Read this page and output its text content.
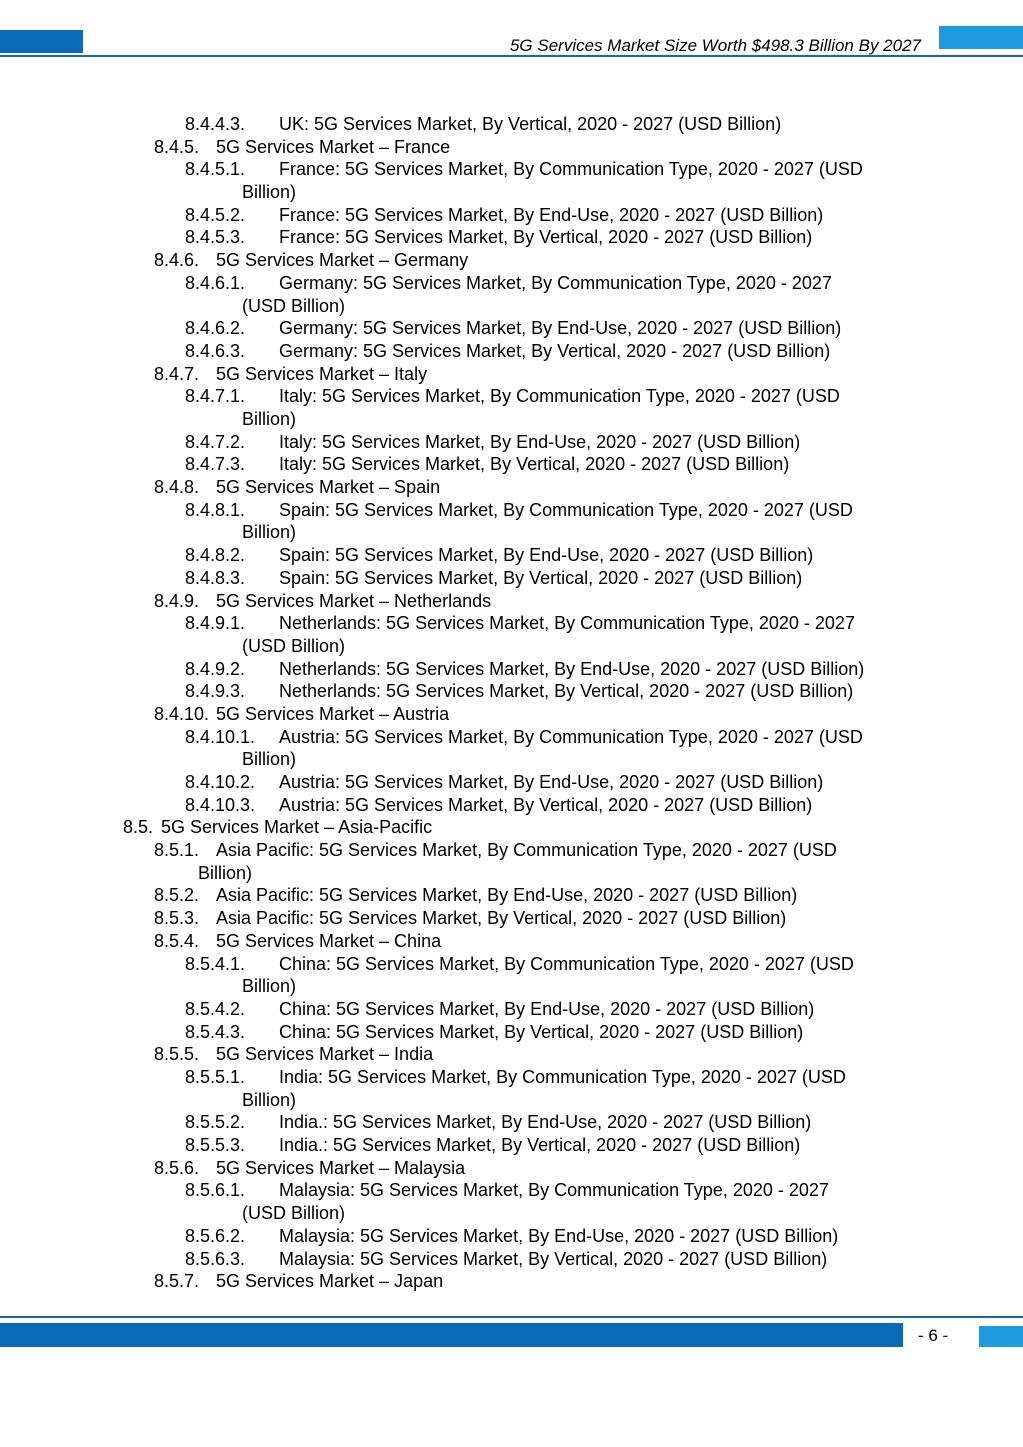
5G Services Market Size Worth $498.3 Billion By 2027
8.4.4.3. UK: 5G Services Market, By Vertical, 2020 - 2027 (USD Billion)
8.4.5. 5G Services Market – France
8.4.5.1. France: 5G Services Market, By Communication Type, 2020 - 2027 (USD
Billion)
8.4.5.2. France: 5G Services Market, By End-Use, 2020 - 2027 (USD Billion)
8.4.5.3. France: 5G Services Market, By Vertical, 2020 - 2027 (USD Billion)
8.4.6. 5G Services Market – Germany
8.4.6.1. Germany: 5G Services Market, By Communication Type, 2020 - 2027
(USD Billion)
8.4.6.2. Germany: 5G Services Market, By End-Use, 2020 - 2027 (USD Billion)
8.4.6.3. Germany: 5G Services Market, By Vertical, 2020 - 2027 (USD Billion)
8.4.7. 5G Services Market – Italy
8.4.7.1. Italy: 5G Services Market, By Communication Type, 2020 - 2027 (USD
Billion)
8.4.7.2. Italy: 5G Services Market, By End-Use, 2020 - 2027 (USD Billion)
8.4.7.3. Italy: 5G Services Market, By Vertical, 2020 - 2027 (USD Billion)
8.4.8. 5G Services Market – Spain
8.4.8.1. Spain: 5G Services Market, By Communication Type, 2020 - 2027 (USD
Billion)
8.4.8.2. Spain: 5G Services Market, By End-Use, 2020 - 2027 (USD Billion)
8.4.8.3. Spain: 5G Services Market, By Vertical, 2020 - 2027 (USD Billion)
8.4.9. 5G Services Market – Netherlands
8.4.9.1. Netherlands: 5G Services Market, By Communication Type, 2020 - 2027
(USD Billion)
8.4.9.2. Netherlands: 5G Services Market, By End-Use, 2020 - 2027 (USD Billion)
8.4.9.3. Netherlands: 5G Services Market, By Vertical, 2020 - 2027 (USD Billion)
8.4.10. 5G Services Market – Austria
8.4.10.1. Austria: 5G Services Market, By Communication Type, 2020 - 2027 (USD
Billion)
8.4.10.2. Austria: 5G Services Market, By End-Use, 2020 - 2027 (USD Billion)
8.4.10.3. Austria: 5G Services Market, By Vertical, 2020 - 2027 (USD Billion)
8.5. 5G Services Market – Asia-Pacific
8.5.1. Asia Pacific: 5G Services Market, By Communication Type, 2020 - 2027 (USD
Billion)
8.5.2. Asia Pacific: 5G Services Market, By End-Use, 2020 - 2027 (USD Billion)
8.5.3. Asia Pacific: 5G Services Market, By Vertical, 2020 - 2027 (USD Billion)
8.5.4. 5G Services Market – China
8.5.4.1. China: 5G Services Market, By Communication Type, 2020 - 2027 (USD
Billion)
8.5.4.2. China: 5G Services Market, By End-Use, 2020 - 2027 (USD Billion)
8.5.4.3. China: 5G Services Market, By Vertical, 2020 - 2027 (USD Billion)
8.5.5. 5G Services Market – India
8.5.5.1. India: 5G Services Market, By Communication Type, 2020 - 2027 (USD
Billion)
8.5.5.2. India.: 5G Services Market, By End-Use, 2020 - 2027 (USD Billion)
8.5.5.3. India.: 5G Services Market, By Vertical, 2020 - 2027 (USD Billion)
8.5.6. 5G Services Market – Malaysia
8.5.6.1. Malaysia: 5G Services Market, By Communication Type, 2020 - 2027
(USD Billion)
8.5.6.2. Malaysia: 5G Services Market, By End-Use, 2020 - 2027 (USD Billion)
8.5.6.3. Malaysia: 5G Services Market, By Vertical, 2020 - 2027 (USD Billion)
8.5.7. 5G Services Market – Japan
- 6 -
